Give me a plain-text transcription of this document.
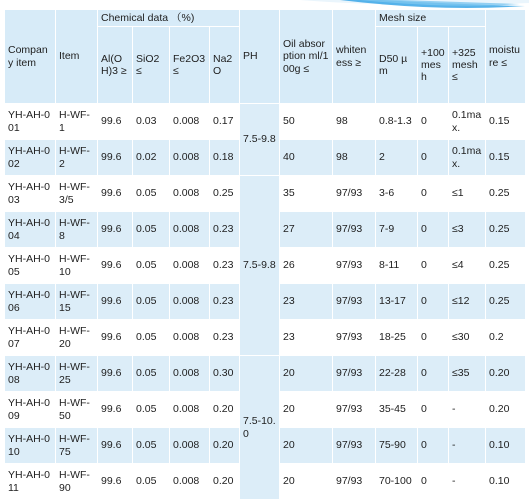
Company item	Item	Chemical data （%)				PH	Oil absorption ml/100g ≤	whiteness ≥	Mesh size			moisture ≤
		Al(OH)3 ≥	SiO2 ≤	Fe2O3 ≤	Na2O				D50 µm	+100 mesh	+325 mesh ≤	
YH-AH-001	H-WF-1	99.6	0.03	0.008	0.17	7.5-9.8	50	98	0.8-1.3	0	0.1max.	0.15
YH-AH-002	H-WF-2	99.6	0.02	0.008	0.18		40	98	2	0	0.1max.	0.15
YH-AH-003	H-WF-3/5	99.6	0.05	0.008	0.25	7.5-9.8	35	97/93	3-6	0	≤1	0.25
YH-AH-004	H-WF-8	99.6	0.05	0.008	0.23		27	97/93	7-9	0	≤3	0.25
YH-AH-005	H-WF-10	99.6	0.05	0.008	0.23		26	97/93	8-11	0	≤4	0.25
YH-AH-006	H-WF-15	99.6	0.05	0.008	0.23		23	97/93	13-17	0	≤12	0.25
YH-AH-007	H-WF-20	99.6	0.05	0.008	0.23		23	97/93	18-25	0	≤30	0.2
YH-AH-008	H-WF-25	99.6	0.05	0.008	0.30	7.5-10.0	20	97/93	22-28	0	≤35	0.20
YH-AH-009	H-WF-50	99.6	0.05	0.008	0.20		20	97/93	35-45	0	-	0.20
YH-AH-010	H-WF-75	99.6	0.05	0.008	0.20		20	97/93	75-90	0	-	0.10
YH-AH-011	H-WF-90	99.6	0.05	0.008	0.20		20	97/93	70-100	0	-	0.10
